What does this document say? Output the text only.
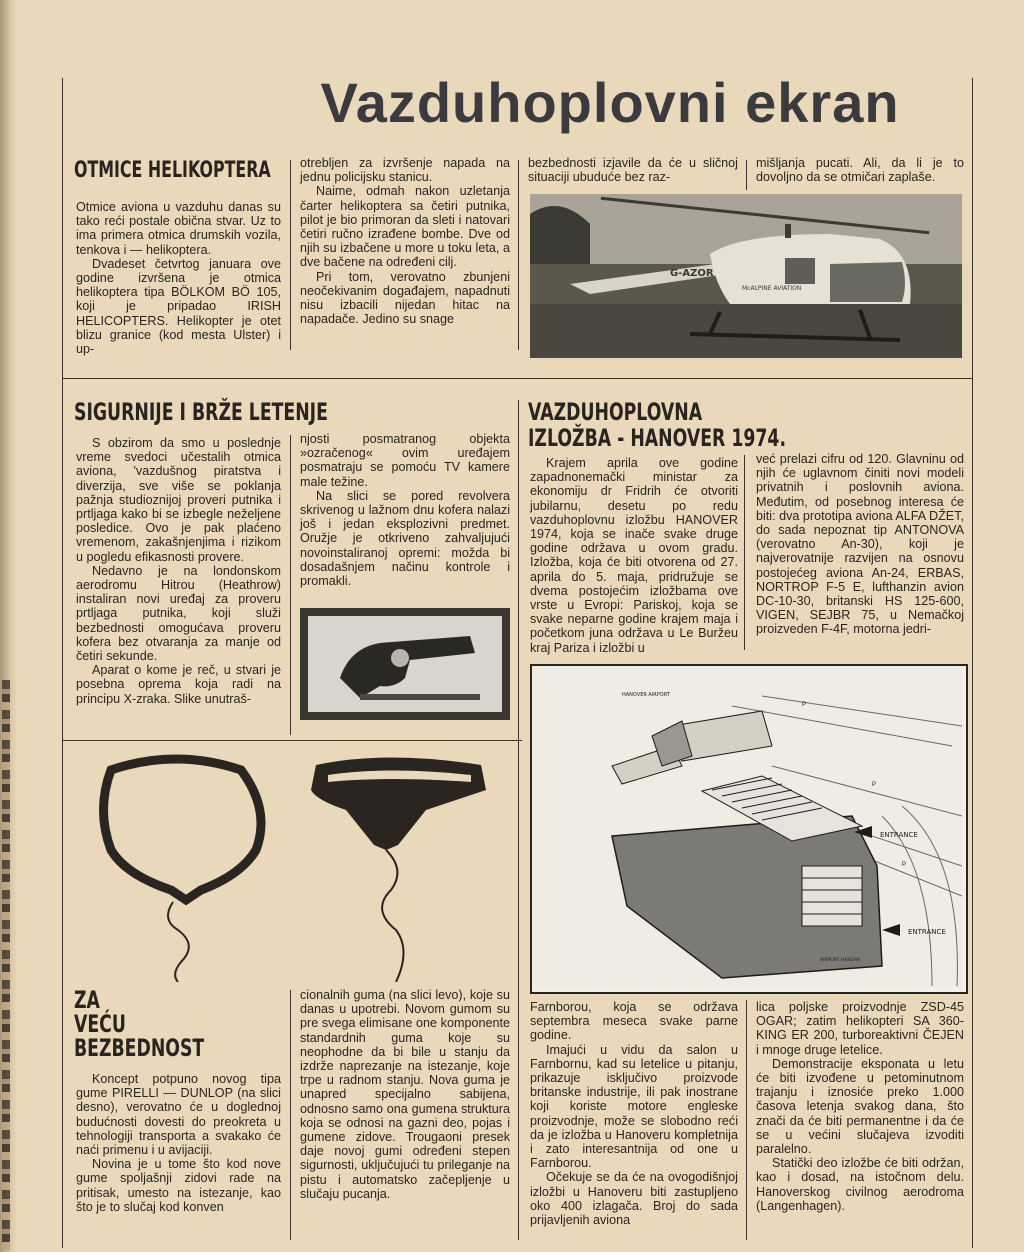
Vazduhoplovni ekran
OTMICE HELIKOPTERA

Otmice aviona u vazduhu danas su tako reći postale obična stvar. Uz to ima primera otmica drumskih vozila, tenkova i — helikoptera.

Dvadeset četvrtog januara ove godine izvršena je otmica helikoptera tipa BÖLKOM BÖ 105, koji je pripadao IRISH HELICOPTERS. Helikopter je otet blizu granice (kod mesta Ulster) i up-

otrebljen za izvršenje napada na jednu policijsku stanicu.

Naime, odmah nakon uzletanja čarter helikoptera sa četiri putnika, pilot je bio primoran da sleti i natovari četiri ručno izrađene bombe. Dve od njih su izbačene u more u toku leta, a dve bačene na određeni cilj.

Pri tom, verovatno zbunjeni neočekivanim događajem, napadnuti nisu izbacili nijedan hitac na napadače. Jedino su snage

bezbednosti izjavile da će u sličnoj situaciji ubuduće bez raz-

mišljanja pucati. Ali, da li je to dovoljno da se otmičari zaplaše.

G-AZOR
McALPINE AVIATION
SIGURNIJE I BRŽE LETENJE

S obzirom da smo u poslednje vreme svedoci učestalih otmica aviona, 'vazdušnog piratstva i diverzija, sve više se poklanja pažnja studioznijoj proveri putnika i prtljaga kako bi se izbegle neželjene posledice. Ovo je pak plaćeno vremenom, zakašnjenjima i rizikom u pogledu efikasnosti provere.

Nedavno je na londonskom aerodromu Hitrou (Heathrow) instaliran novi uređaj za proveru prtljaga putnika, koji služi bezbednosti omogućava proveru kofera bez otvaranja za manje od četiri sekunde.

Aparat o kome je reč, u stvari je posebna oprema koja radi na principu X-zraka. Slike unutraš-

njosti posmatranog objekta »ozračenog« ovim uređajem posmatraju se pomoću TV kamere male težine.

Na slici se pored revolvera skrivenog u lažnom dnu kofera nalazi još i jedan eksplozivni predmet. Oružje je otkriveno zahvaljujući novoinstaliranoj opremi: možda bi dosadašnjem načinu kontrole i promakli.

VAZDUHOPLOVNA
IZLOŽBA - HANOVER 1974.

Krajem aprila ove godine zapadnonemački ministar za ekonomiju dr Fridrih će otvoriti jubilarnu, desetu po redu vazduhoplovnu izložbu HANOVER 1974, koja se inače svake druge godine održava u ovom gradu. Izložba, koja će biti otvorena od 27. aprila do 5. maja, pridružuje se dvema postojećim izložbama ove vrste u Evropi: Pariskoj, koja se svake neparne godine krajem maja i početkom juna održava u Le Buržeu kraj Pariza i izložbi u

već prelazi cifru od 120. Glavninu od njih će uglavnom činiti novi modeli privatnih i poslovnih aviona. Međutim, od posebnog interesa će biti: dva prototipa aviona ALFA DŽET, do sada nepoznat tip ANTONOVA (verovatno An-30), koji je najverovatnije razvijen na osnovu postojećeg aviona An-24, ERBAS, NORTROP F-5 E, lufthanzin avion DC-10-30, britanski HS 125-600, VIGEN, SEJBR 75, u Nemačkoj proizveden F-4F, motorna jedri-

HANOVER AIRPORT
ENTRANCE
ENTRANCE
AIRPORT HANGAR
P
P
P

Farnborou, koja se održava septembra meseca svake parne godine.

Imajući u vidu da salon u Farnbornu, kad su letelice u pitanju, prikazuje isključivo proizvode britanske industrije, ili pak inostrane koji koriste motore engleske proizvodnje, može se slobodno reći da je izložba u Hanoveru kompletnija i zato interesantnija od one u Farnborou.

Očekuje se da će na ovogodišnjoj izložbi u Hanoveru biti zastupljeno oko 400 izlagača. Broj do sada prijavljenih aviona

lica poljske proizvodnje ZSD-45 OGAR; zatim helikopteri SA 360-KING ER 200, turboreaktivni ČEJEN i mnoge druge letelice.

Demonstracije eksponata u letu će biti izvođene u petominutnom trajanju i iznosiće preko 1.000 časova letenja svakog dana, što znači da će biti permanentne i da će se u većini slučajeva izvoditi paralelno.

Statički deo izložbe će biti održan, kao i dosad, na istočnom delu. Hanoverskog civilnog aerodroma (Langenhagen).

ZA
VEĆU
BEZBEDNOST

Koncept potpuno novog tipa gume PIRELLI — DUNLOP (na slici desno), verovatno će u doglednoj budućnosti dovesti do preokreta u tehnologiji transporta a svakako će naći primenu i u avijaciji.

Novina je u tome što kod nove gume spoljašnji zidovi rade na pritisak, umesto na istezanje, kao što je to slučaj kod konven

cionalnih guma (na slici levo), koje su danas u upotrebi. Novom gumom su pre svega elimisane one komponente standardnih guma koje su neophodne da bi bile u stanju da izdrže naprezanje na istezanje, koje trpe u radnom stanju. Nova guma je unapred specijalno sabijena, odnosno samo ona gumena struktura koja se odnosi na gazni deo, pojas i gumene zidove. Trougaoni presek daje novoj gumi određeni stepen sigurnosti, uključujući tu prileganje na pistu i automatsko začepljenje u slučaju pucanja.
